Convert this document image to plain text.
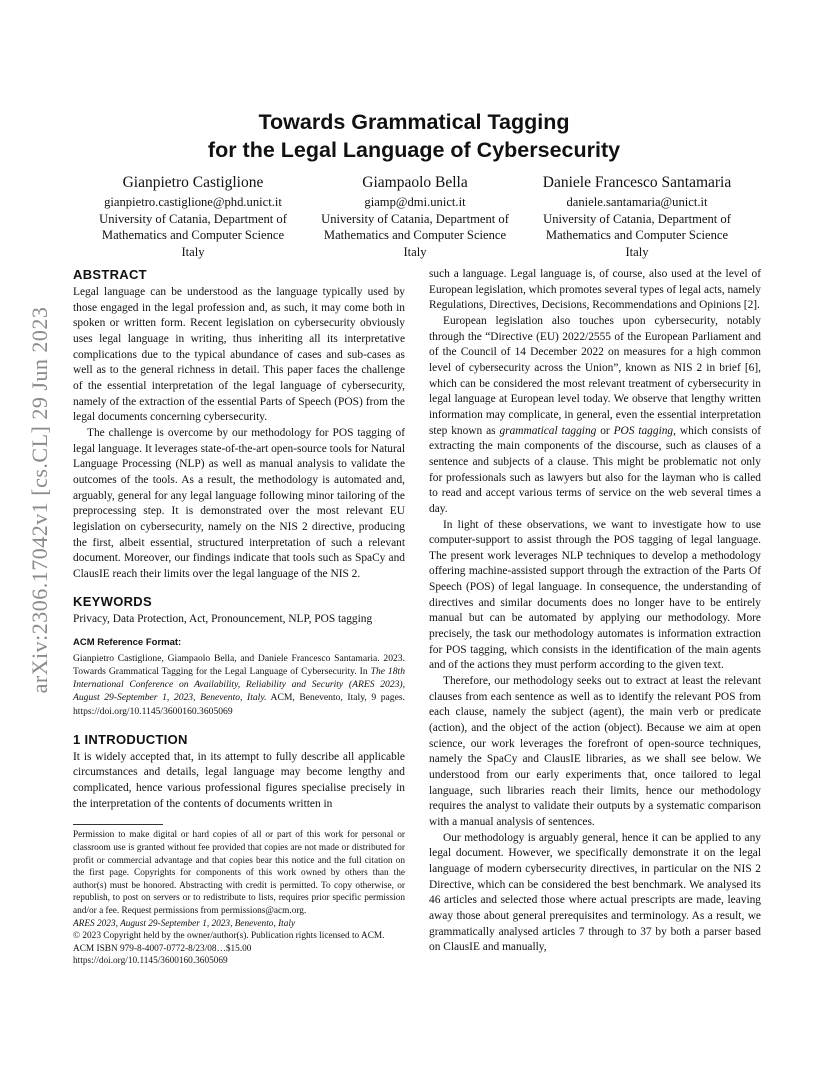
arXiv:2306.17042v1 [cs.CL] 29 Jun 2023
Towards Grammatical Tagging
for the Legal Language of Cybersecurity
Gianpietro Castiglione
gianpietro.castiglione@phd.unict.it
University of Catania, Department of
Mathematics and Computer Science
Italy
Giampaolo Bella
giamp@dmi.unict.it
University of Catania, Department of
Mathematics and Computer Science
Italy
Daniele Francesco Santamaria
daniele.santamaria@unict.it
University of Catania, Department of
Mathematics and Computer Science
Italy
ABSTRACT

Legal language can be understood as the language typically used by those engaged in the legal profession and, as such, it may come both in spoken or written form. Recent legislation on cybersecurity obviously uses legal language in writing, thus inheriting all its interpretative complications due to the typical abundance of cases and sub-cases as well as to the general richness in detail. This paper faces the challenge of the essential interpretation of the legal language of cybersecurity, namely of the extraction of the essential Parts of Speech (POS) from the legal documents concerning cybersecurity.

The challenge is overcome by our methodology for POS tagging of legal language. It leverages state-of-the-art open-source tools for Natural Language Processing (NLP) as well as manual analysis to validate the outcomes of the tools. As a result, the methodology is automated and, arguably, general for any legal language following minor tailoring of the preprocessing step. It is demonstrated over the most relevant EU legislation on cybersecurity, namely on the NIS 2 directive, producing the first, albeit essential, structured interpretation of such a relevant document. Moreover, our findings indicate that tools such as SpaCy and ClausIE reach their limits over the legal language of the NIS 2.

KEYWORDS

Privacy, Data Protection, Act, Pronouncement, NLP, POS tagging

ACM Reference Format:

Gianpietro Castiglione, Giampaolo Bella, and Daniele Francesco Santamaria. 2023. Towards Grammatical Tagging for the Legal Language of Cybersecurity. In The 18th International Conference on Availability, Reliability and Security (ARES 2023), August 29-September 1, 2023, Benevento, Italy. ACM, Benevento, Italy, 9 pages. https://doi.org/10.1145/3600160.3605069

1 INTRODUCTION

It is widely accepted that, in its attempt to fully describe all applicable circumstances and details, legal language may become lengthy and complicated, hence various professional figures specialise precisely in the interpretation of the contents of documents written in

Permission to make digital or hard copies of all or part of this work for personal or classroom use is granted without fee provided that copies are not made or distributed for profit or commercial advantage and that copies bear this notice and the full citation on the first page. Copyrights for components of this work owned by others than the author(s) must be honored. Abstracting with credit is permitted. To copy otherwise, or republish, to post on servers or to redistribute to lists, requires prior specific permission and/or a fee. Request permissions from permissions@acm.org.
ARES 2023, August 29-September 1, 2023, Benevento, Italy
© 2023 Copyright held by the owner/author(s). Publication rights licensed to ACM.
ACM ISBN 979-8-4007-0772-8/23/08…$15.00
https://doi.org/10.1145/3600160.3605069

such a language. Legal language is, of course, also used at the level of European legislation, which promotes several types of legal acts, namely Regulations, Directives, Decisions, Recommendations and Opinions [2].

European legislation also touches upon cybersecurity, notably through the “Directive (EU) 2022/2555 of the European Parliament and of the Council of 14 December 2022 on measures for a high common level of cybersecurity across the Union”, known as NIS 2 in brief [6], which can be considered the most relevant treatment of cybersecurity in legal language at European level today. We observe that lengthy written information may complicate, in general, even the essential interpretation step known as grammatical tagging or POS tagging, which consists of extracting the main components of the discourse, such as clauses of a sentence and subjects of a clause. This might be problematic not only for professionals such as lawyers but also for the layman who is called to read and accept various terms of service on the web several times a day.

In light of these observations, we want to investigate how to use computer-support to assist through the POS tagging of legal language. The present work leverages NLP techniques to develop a methodology offering machine-assisted support through the extraction of the Parts Of Speech (POS) of legal language. In consequence, the understanding of directives and similar documents does no longer have to be entirely manual but can be automated by applying our methodology. More precisely, the task our methodology automates is information extraction for POS tagging, which consists in the identification of the main agents and of the actions they must perform according to the given text.

Therefore, our methodology seeks out to extract at least the relevant clauses from each sentence as well as to identify the relevant POS from each clause, namely the subject (agent), the main verb or predicate (action), and the object of the action (object). Because we aim at open science, our work leverages the forefront of open-source techniques, namely the SpaCy and ClausIE libraries, as we shall see below. We understood from our early experiments that, once tailored to legal language, such libraries reach their limits, hence our methodology requires the analyst to validate their outputs by a systematic comparison with a manual analysis of sentences.

Our methodology is arguably general, hence it can be applied to any legal document. However, we specifically demonstrate it on the legal language of modern cybersecurity directives, in particular on the NIS 2 Directive, which can be considered the best benchmark. We analysed its 46 articles and selected those where actual prescripts are made, leaving away those about general prerequisites and terminology. As a result, we grammatically analysed articles 7 through to 37 by both a parser based on ClausIE and manually,
